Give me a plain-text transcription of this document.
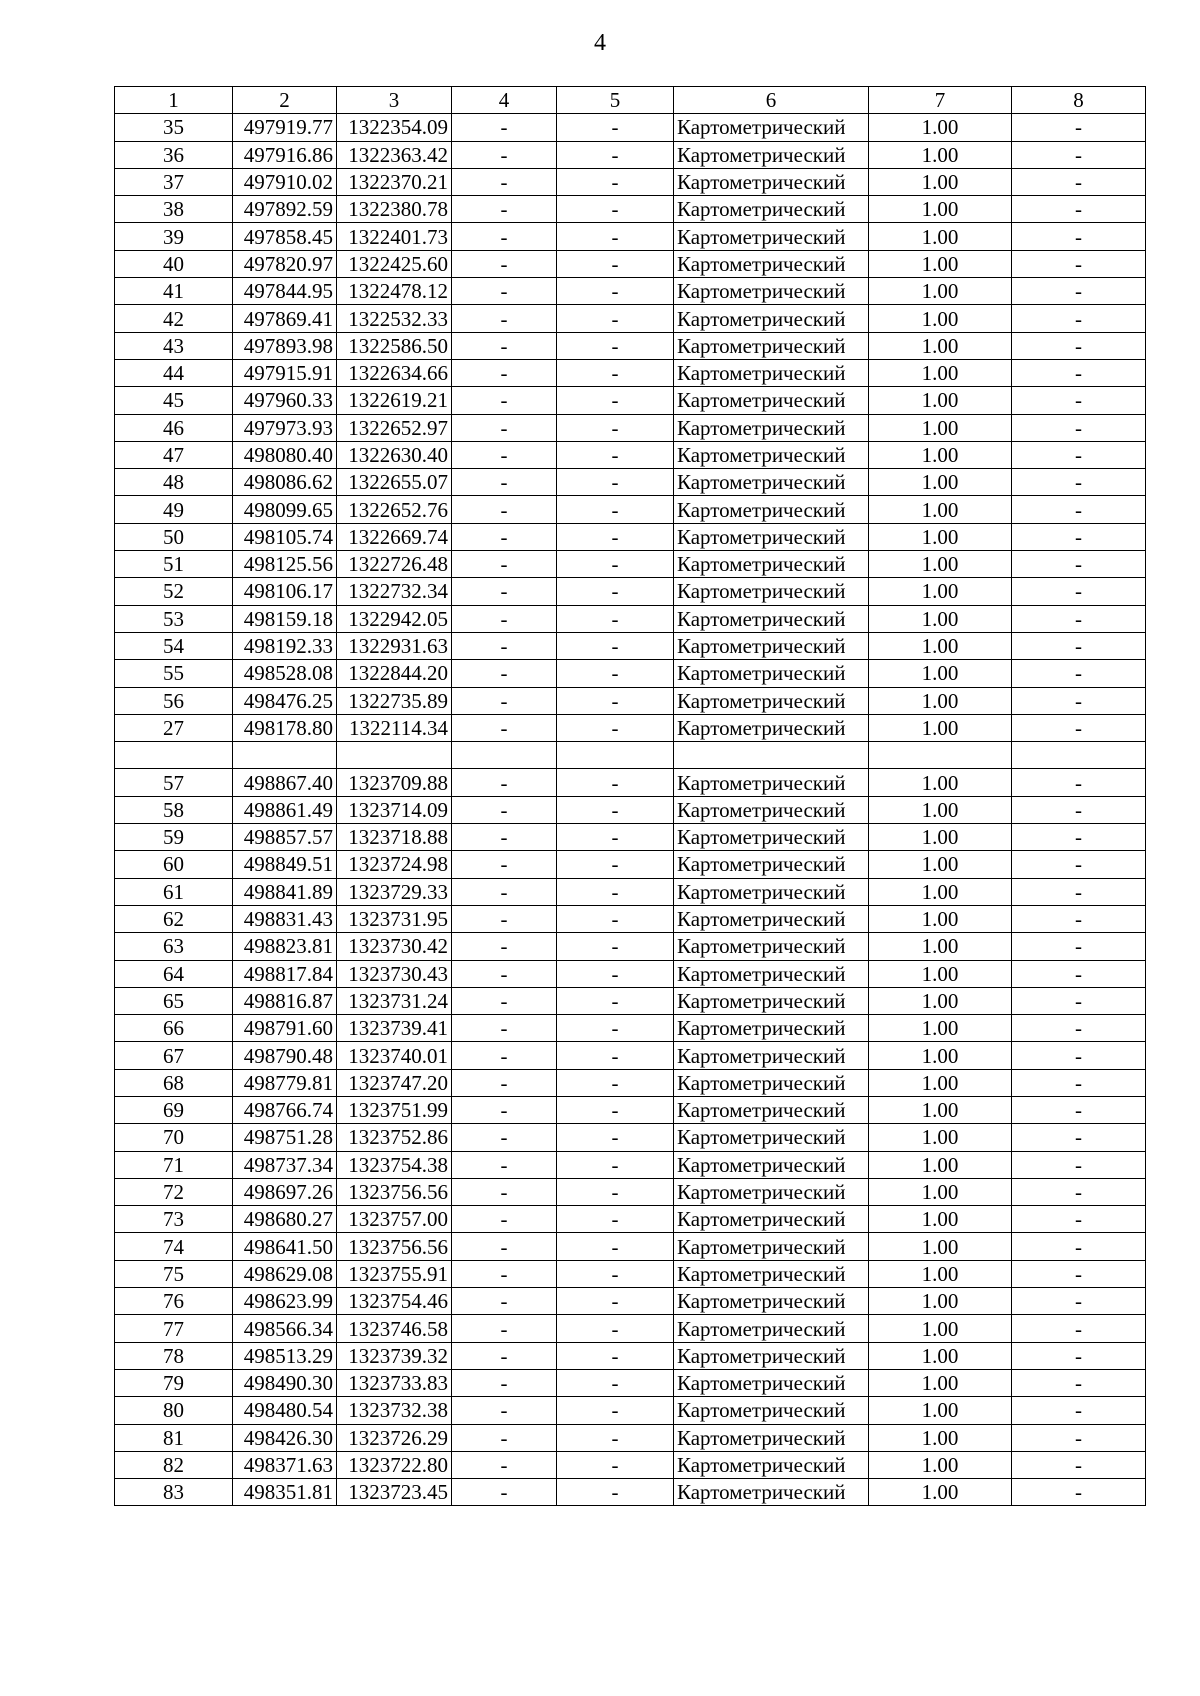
4
1	2	3	4	5	6	7	8
35	497919.77	1322354.09	-	-	Картометрический	1.00	-
36	497916.86	1322363.42	-	-	Картометрический	1.00	-
37	497910.02	1322370.21	-	-	Картометрический	1.00	-
38	497892.59	1322380.78	-	-	Картометрический	1.00	-
39	497858.45	1322401.73	-	-	Картометрический	1.00	-
40	497820.97	1322425.60	-	-	Картометрический	1.00	-
41	497844.95	1322478.12	-	-	Картометрический	1.00	-
42	497869.41	1322532.33	-	-	Картометрический	1.00	-
43	497893.98	1322586.50	-	-	Картометрический	1.00	-
44	497915.91	1322634.66	-	-	Картометрический	1.00	-
45	497960.33	1322619.21	-	-	Картометрический	1.00	-
46	497973.93	1322652.97	-	-	Картометрический	1.00	-
47	498080.40	1322630.40	-	-	Картометрический	1.00	-
48	498086.62	1322655.07	-	-	Картометрический	1.00	-
49	498099.65	1322652.76	-	-	Картометрический	1.00	-
50	498105.74	1322669.74	-	-	Картометрический	1.00	-
51	498125.56	1322726.48	-	-	Картометрический	1.00	-
52	498106.17	1322732.34	-	-	Картометрический	1.00	-
53	498159.18	1322942.05	-	-	Картометрический	1.00	-
54	498192.33	1322931.63	-	-	Картометрический	1.00	-
55	498528.08	1322844.20	-	-	Картометрический	1.00	-
56	498476.25	1322735.89	-	-	Картометрический	1.00	-
27	498178.80	1322114.34	-	-	Картометрический	1.00	-

57	498867.40	1323709.88	-	-	Картометрический	1.00	-
58	498861.49	1323714.09	-	-	Картометрический	1.00	-
59	498857.57	1323718.88	-	-	Картометрический	1.00	-
60	498849.51	1323724.98	-	-	Картометрический	1.00	-
61	498841.89	1323729.33	-	-	Картометрический	1.00	-
62	498831.43	1323731.95	-	-	Картометрический	1.00	-
63	498823.81	1323730.42	-	-	Картометрический	1.00	-
64	498817.84	1323730.43	-	-	Картометрический	1.00	-
65	498816.87	1323731.24	-	-	Картометрический	1.00	-
66	498791.60	1323739.41	-	-	Картометрический	1.00	-
67	498790.48	1323740.01	-	-	Картометрический	1.00	-
68	498779.81	1323747.20	-	-	Картометрический	1.00	-
69	498766.74	1323751.99	-	-	Картометрический	1.00	-
70	498751.28	1323752.86	-	-	Картометрический	1.00	-
71	498737.34	1323754.38	-	-	Картометрический	1.00	-
72	498697.26	1323756.56	-	-	Картометрический	1.00	-
73	498680.27	1323757.00	-	-	Картометрический	1.00	-
74	498641.50	1323756.56	-	-	Картометрический	1.00	-
75	498629.08	1323755.91	-	-	Картометрический	1.00	-
76	498623.99	1323754.46	-	-	Картометрический	1.00	-
77	498566.34	1323746.58	-	-	Картометрический	1.00	-
78	498513.29	1323739.32	-	-	Картометрический	1.00	-
79	498490.30	1323733.83	-	-	Картометрический	1.00	-
80	498480.54	1323732.38	-	-	Картометрический	1.00	-
81	498426.30	1323726.29	-	-	Картометрический	1.00	-
82	498371.63	1323722.80	-	-	Картометрический	1.00	-
83	498351.81	1323723.45	-	-	Картометрический	1.00	-
